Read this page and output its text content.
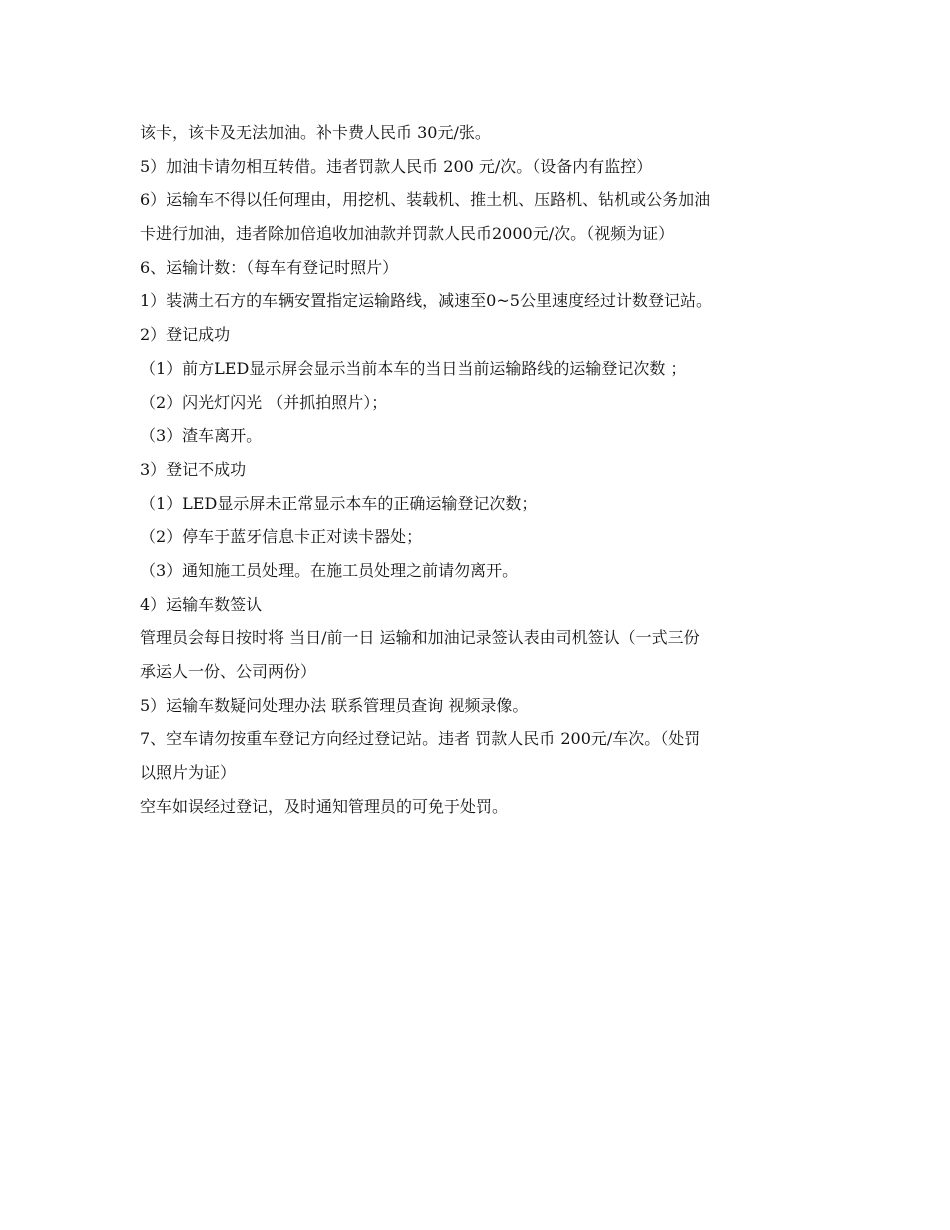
该卡，该卡及无法加油。补卡费人民币 30元/张。
5）加油卡请勿相互转借。违者罚款人民币 200 元/次。（设备内有监控）
6）运输车不得以任何理由，用挖机、装载机、推土机、压路机、钻机或公务加油
卡进行加油，违者除加倍追收加油款并罚款人民币2000元/次。（视频为证）
6、运输计数：（每车有登记时照片）
1）装满土石方的车辆安置指定运输路线，减速至0~5公里速度经过计数登记站。
2）登记成功
（1）前方LED显示屏会显示当前本车的当日当前运输路线的运输登记次数 ；
（2）闪光灯闪光 （并抓拍照片）；
（3）渣车离开。
3）登记不成功
（1）LED显示屏未正常显示本车的正确运输登记次数；
（2）停车于蓝牙信息卡正对读卡器处；
（3）通知施工员处理。在施工员处理之前请勿离开。
4）运输车数签认
管理员会每日按时将 当日/前一日 运输和加油记录签认表由司机签认（一式三份
承运人一份、公司两份）
5）运输车数疑问处理办法 联系管理员查询 视频录像。
7、空车请勿按重车登记方向经过登记站。违者 罚款人民币 200元/车次。（处罚
以照片为证）
空车如误经过登记，及时通知管理员的可免于处罚。
